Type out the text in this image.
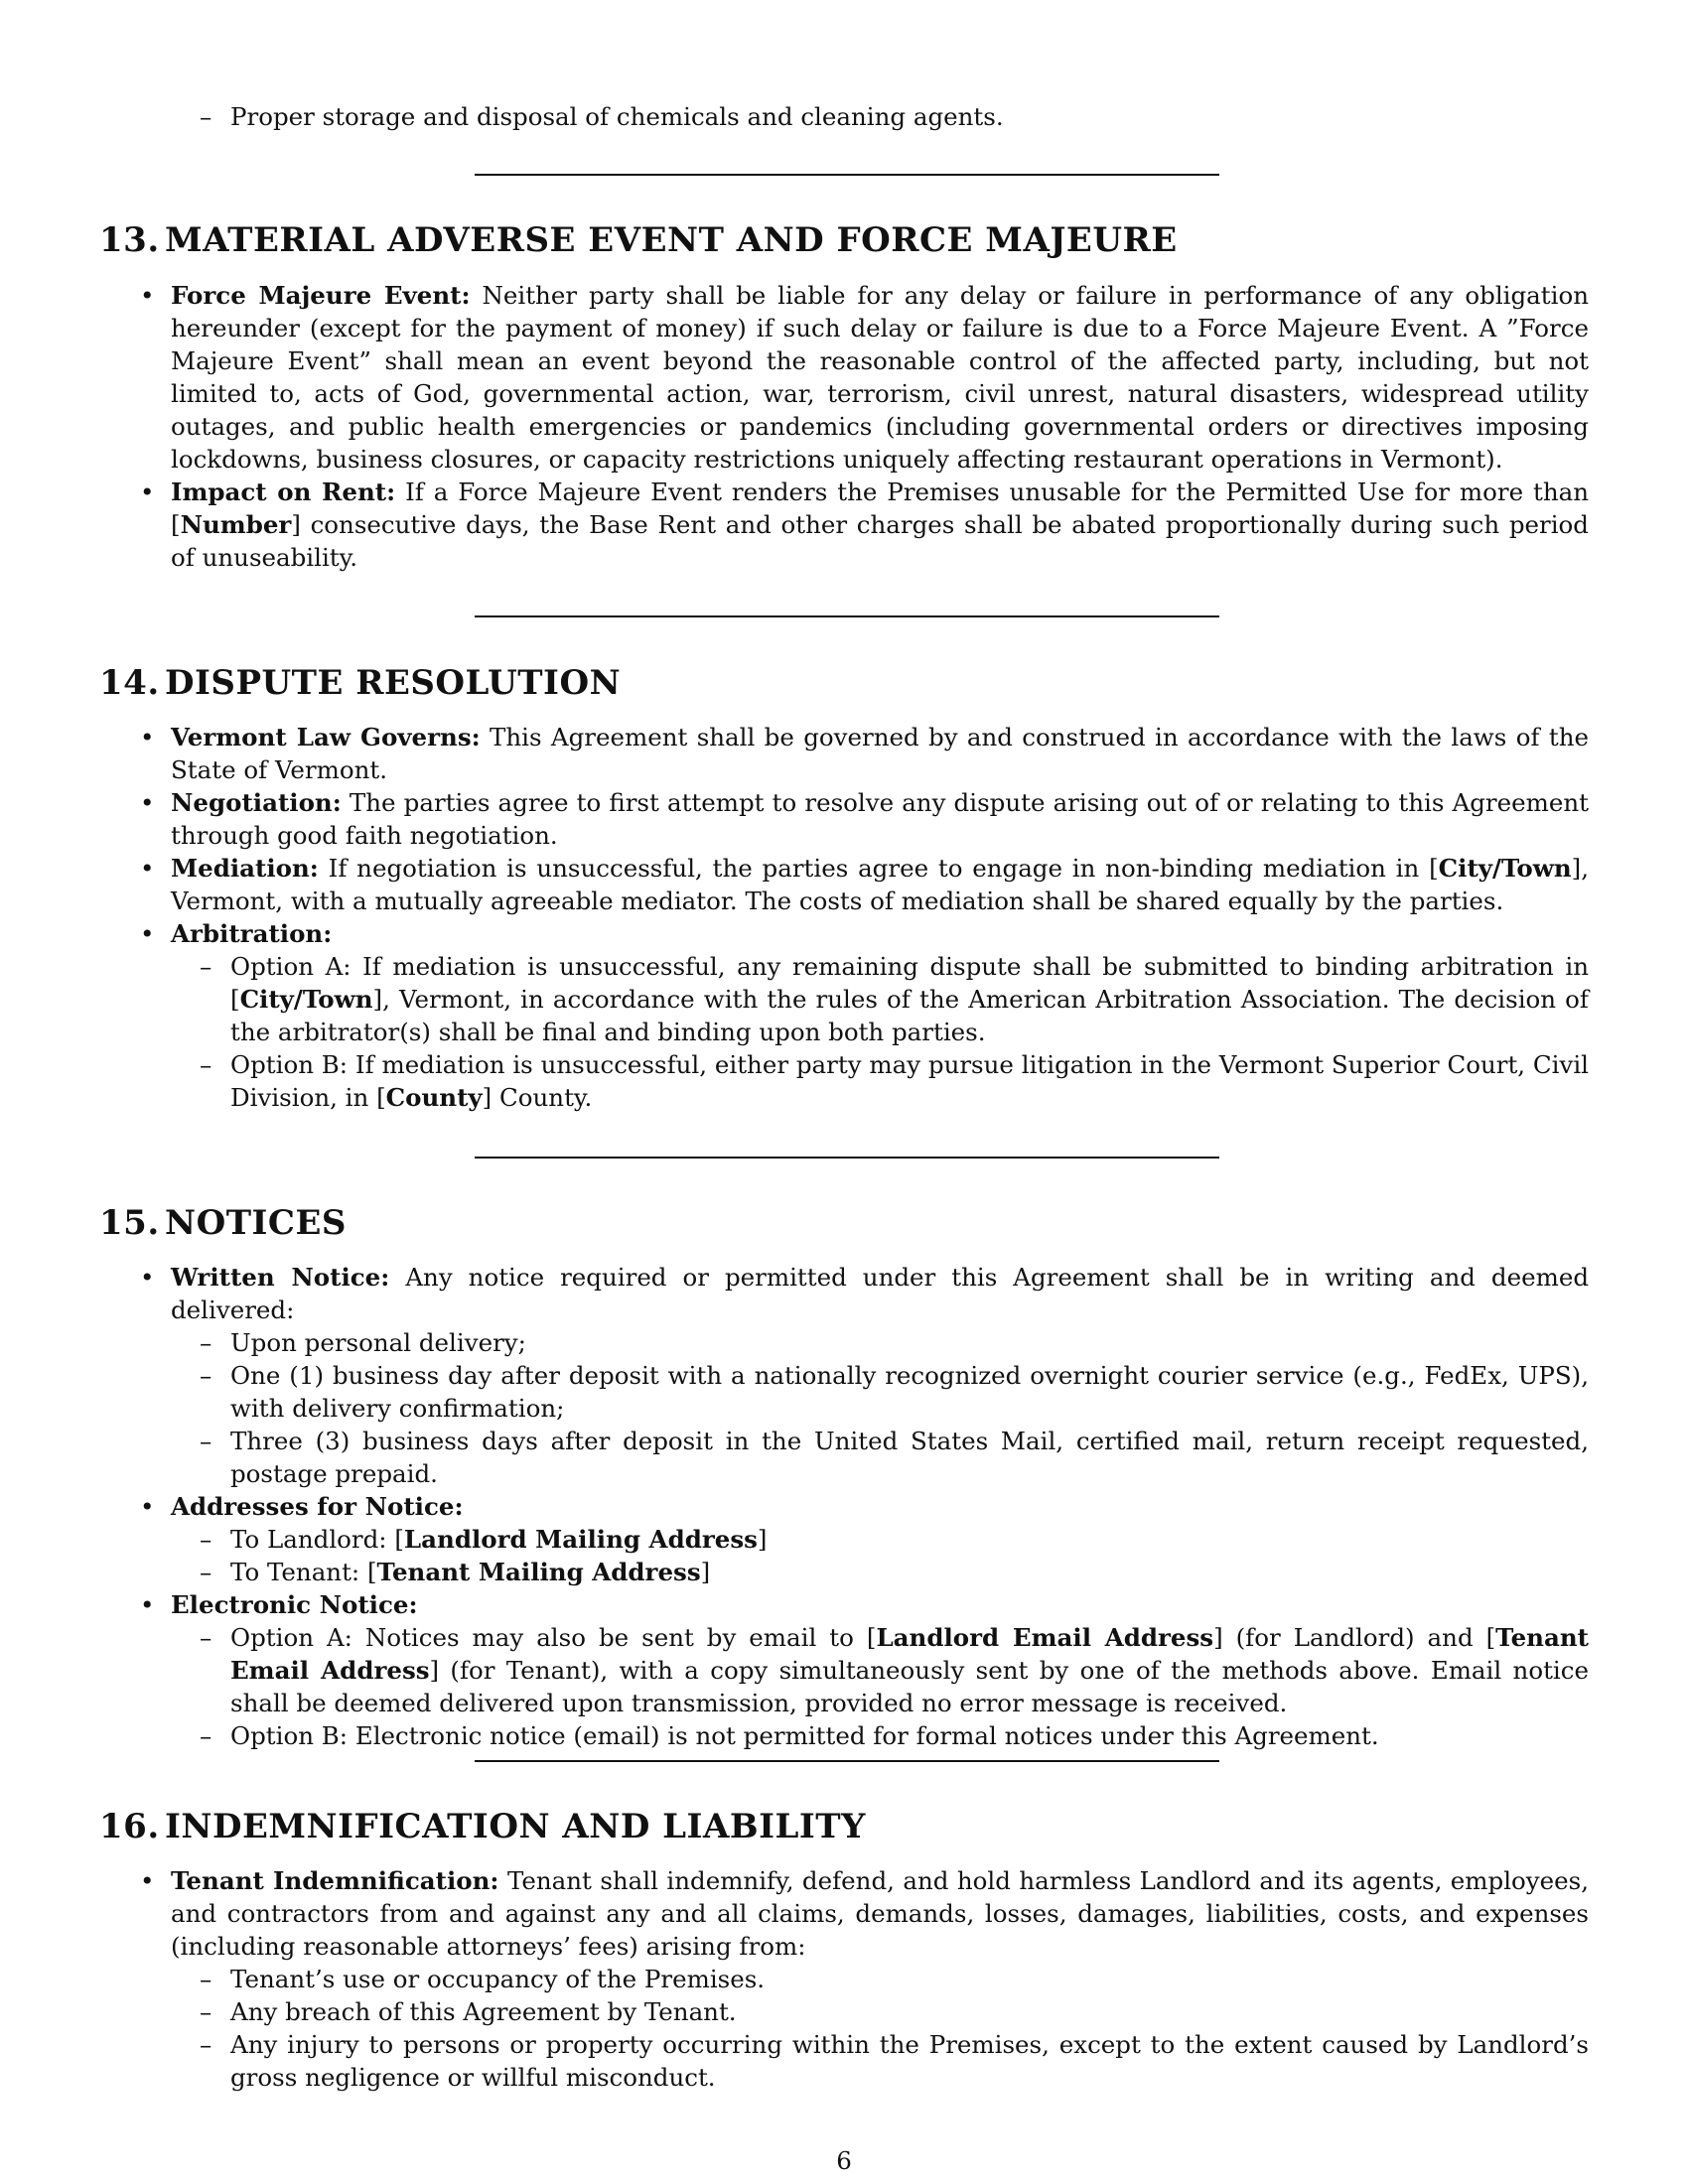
– Proper storage and disposal of chemicals and cleaning agents.
13. MATERIAL ADVERSE EVENT AND FORCE MAJEURE
• Force Majeure Event: Neither party shall be liable for any delay or failure in performance of any obligation hereunder (except for the payment of money) if such delay or failure is due to a Force Majeure Event. A ”Force Majeure Event” shall mean an event beyond the reasonable control of the affected party, including, but not limited to, acts of God, governmental action, war, terrorism, civil unrest, natural disasters, widespread utility outages, and public health emergencies or pandemics (including governmental orders or directives imposing lockdowns, business closures, or capacity restrictions uniquely affecting restaurant operations in Vermont).
• Impact on Rent: If a Force Majeure Event renders the Premises unusable for the Permitted Use for more than [Number] consecutive days, the Base Rent and other charges shall be abated proportionally during such period of unuseability.
14. DISPUTE RESOLUTION
• Vermont Law Governs: This Agreement shall be governed by and construed in accordance with the laws of the State of Vermont.
• Negotiation: The parties agree to first attempt to resolve any dispute arising out of or relating to this Agreement through good faith negotiation.
• Mediation: If negotiation is unsuccessful, the parties agree to engage in non-binding mediation in [City/Town], Vermont, with a mutually agreeable mediator. The costs of mediation shall be shared equally by the parties.
• Arbitration:
– Option A: If mediation is unsuccessful, any remaining dispute shall be submitted to binding arbitration in [City/Town], Vermont, in accordance with the rules of the American Arbitration Association. The decision of the arbitrator(s) shall be final and binding upon both parties.
– Option B: If mediation is unsuccessful, either party may pursue litigation in the Vermont Superior Court, Civil Division, in [County] County.
15. NOTICES
• Written Notice: Any notice required or permitted under this Agreement shall be in writing and deemed delivered:
– Upon personal delivery;
– One (1) business day after deposit with a nationally recognized overnight courier service (e.g., FedEx, UPS), with delivery confirmation;
– Three (3) business days after deposit in the United States Mail, certified mail, return receipt requested, postage prepaid.
• Addresses for Notice:
– To Landlord: [Landlord Mailing Address]
– To Tenant: [Tenant Mailing Address]
• Electronic Notice:
– Option A: Notices may also be sent by email to [Landlord Email Address] (for Landlord) and [Tenant Email Address] (for Tenant), with a copy simultaneously sent by one of the methods above. Email notice shall be deemed delivered upon transmission, provided no error message is received.
– Option B: Electronic notice (email) is not permitted for formal notices under this Agreement.
16. INDEMNIFICATION AND LIABILITY
• Tenant Indemnification: Tenant shall indemnify, defend, and hold harmless Landlord and its agents, employees, and contractors from and against any and all claims, demands, losses, damages, liabilities, costs, and expenses (including reasonable attorneys’ fees) arising from:
– Tenant’s use or occupancy of the Premises.
– Any breach of this Agreement by Tenant.
– Any injury to persons or property occurring within the Premises, except to the extent caused by Landlord’s gross negligence or willful misconduct.
6
